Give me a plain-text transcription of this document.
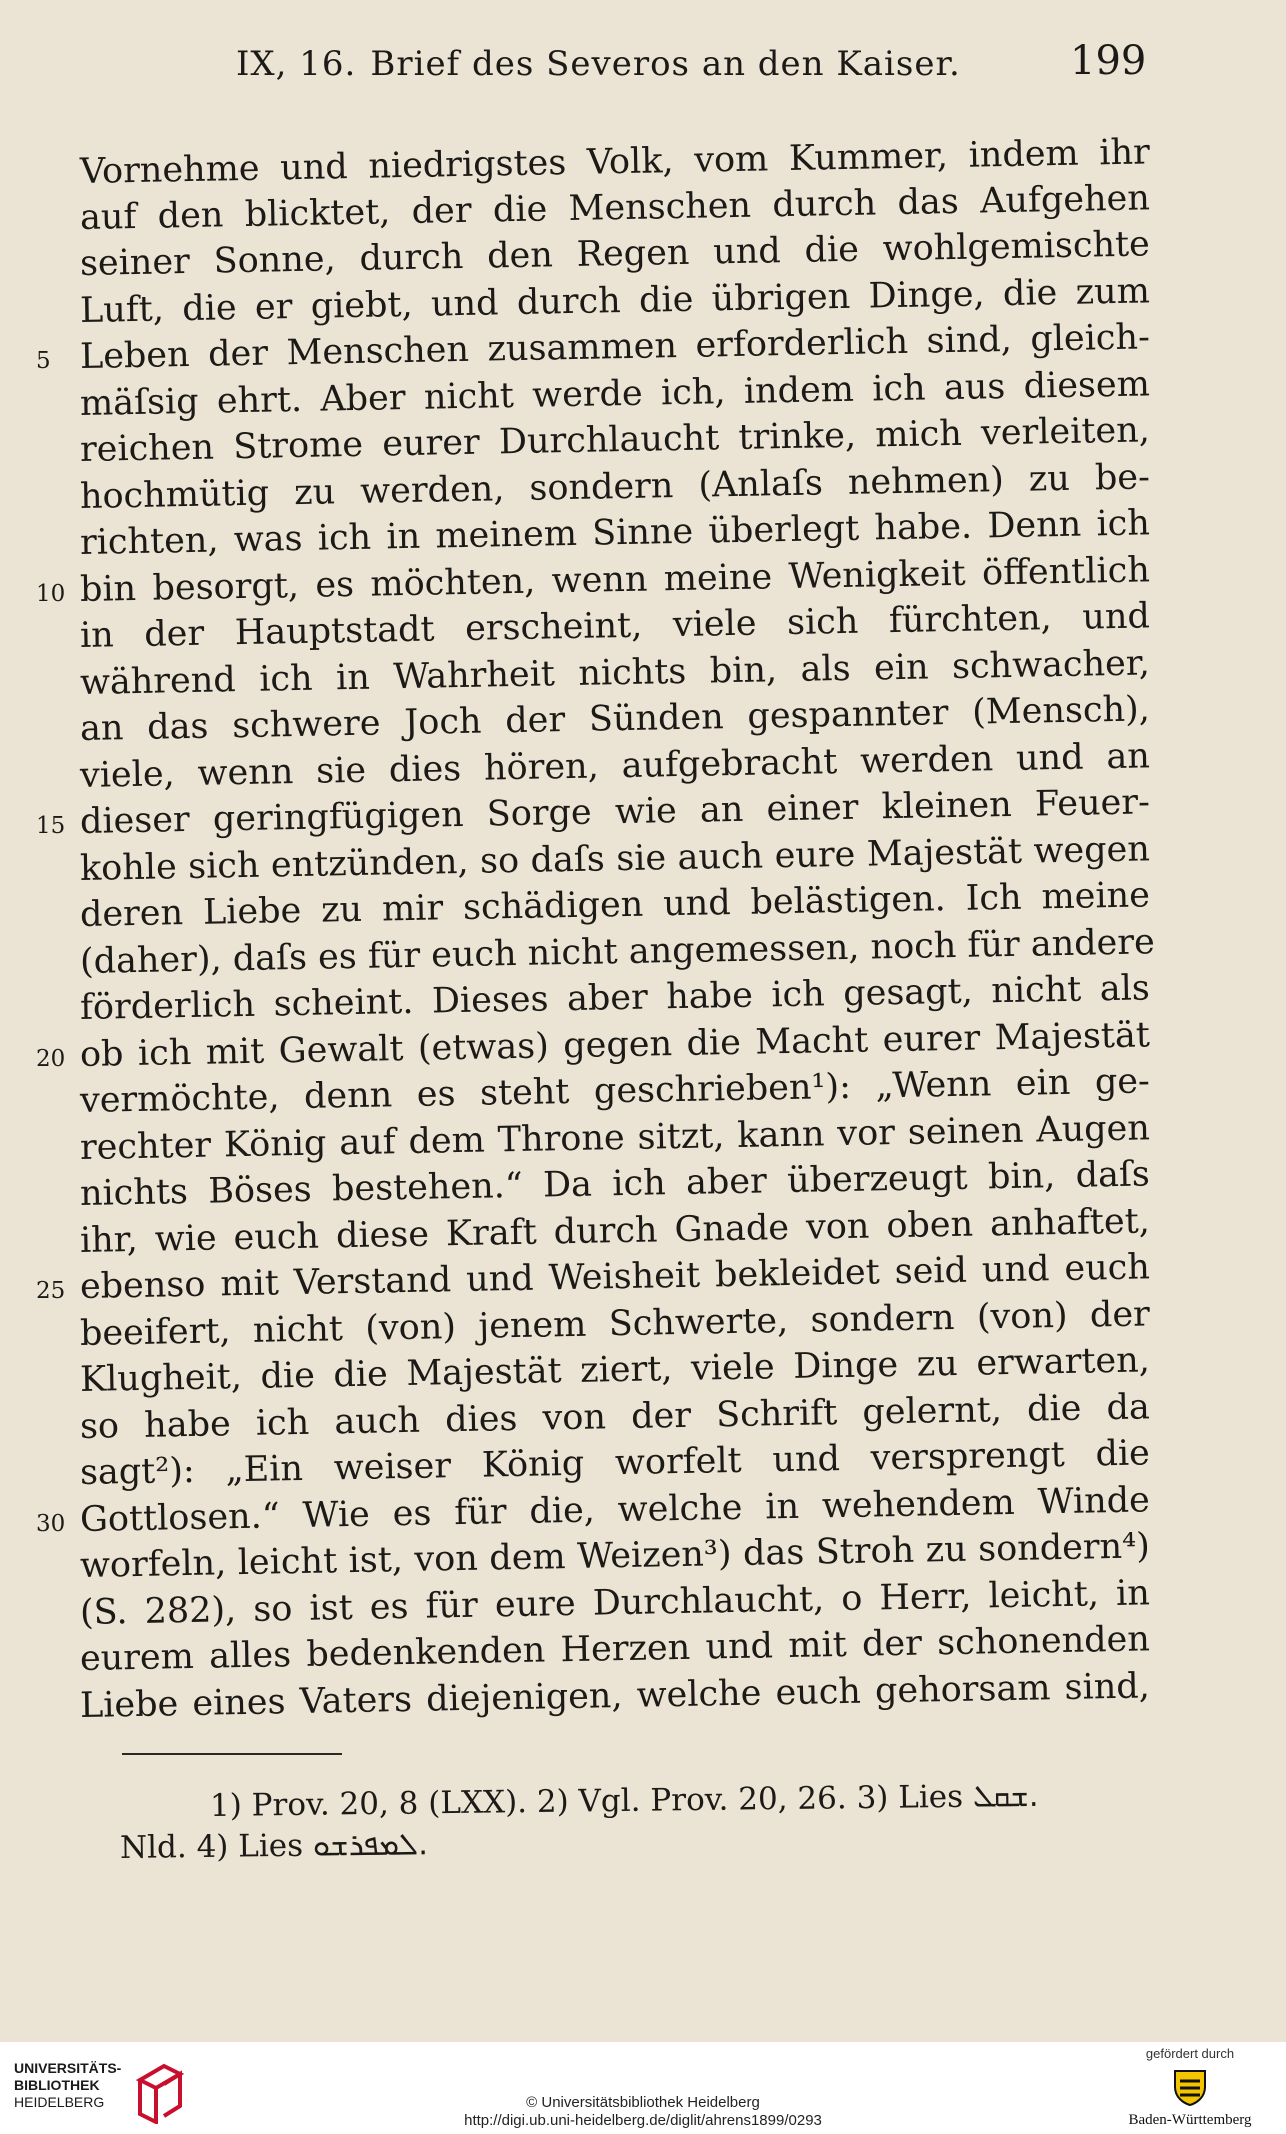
IX, 16. Brief des Severos an den Kaiser.	199
Vornehme und niedrigstes Volk, vom Kummer, indem ihr
auf den blicktet, der die Menschen durch das Aufgehen
seiner Sonne, durch den Regen und die wohlgemischte
Luft, die er giebt, und durch die übrigen Dinge, die zum
Leben der Menschen zusammen erforderlich sind, gleich-
mäſsig ehrt. Aber nicht werde ich, indem ich aus diesem
reichen Strome eurer Durchlaucht trinke, mich verleiten,
hochmütig zu werden, sondern (Anlaſs nehmen) zu be-
richten, was ich in meinem Sinne überlegt habe. Denn ich
bin besorgt, es möchten, wenn meine Wenigkeit öffentlich
in der Hauptstadt erscheint, viele sich fürchten, und
während ich in Wahrheit nichts bin, als ein schwacher,
an das schwere Joch der Sünden gespannter (Mensch),
viele, wenn sie dies hören, aufgebracht werden und an
dieser geringfügigen Sorge wie an einer kleinen Feuer-
kohle sich entzünden, so daſs sie auch eure Majestät wegen
deren Liebe zu mir schädigen und belästigen. Ich meine
(daher), daſs es für euch nicht angemessen, noch für andere
förderlich scheint. Dieses aber habe ich gesagt, nicht als
ob ich mit Gewalt (etwas) gegen die Macht eurer Majestät
vermöchte, denn es steht geschrieben¹): „Wenn ein ge-
rechter König auf dem Throne sitzt, kann vor seinen Augen
nichts Böses bestehen.“ Da ich aber überzeugt bin, daſs
ihr, wie euch diese Kraft durch Gnade von oben anhaftet,
ebenso mit Verstand und Weisheit bekleidet seid und euch
beeifert, nicht (von) jenem Schwerte, sondern (von) der
Klugheit, die die Majestät ziert, viele Dinge zu erwarten,
so habe ich auch dies von der Schrift gelernt, die da
sagt²): „Ein weiser König worfelt und versprengt die
Gottlosen.“ Wie es für die, welche in wehendem Winde
worfeln, leicht ist, von dem Weizen³) das Stroh zu sondern⁴)
(S. 282), so ist es für eure Durchlaucht, o Herr, leicht, in
eurem alles bedenkenden Herzen und mit der schonenden
Liebe eines Vaters diejenigen, welche euch gehorsam sind,
5
10
15
20
25
30
1) Prov. 20, 8 (LXX). 2) Vgl. Prov. 20, 26. 3) Lies ܫܩܠ.
Nld. 4) Lies ܠܡܦܪܫܘ.
UNIVERSITÄTS-
BIBLIOTHEK
HEIDELBERG	© Universitätsbibliothek Heidelberg
http://digi.ub.uni-heidelberg.de/diglit/ahrens1899/0293
gefördert durch
Baden-Württemberg
